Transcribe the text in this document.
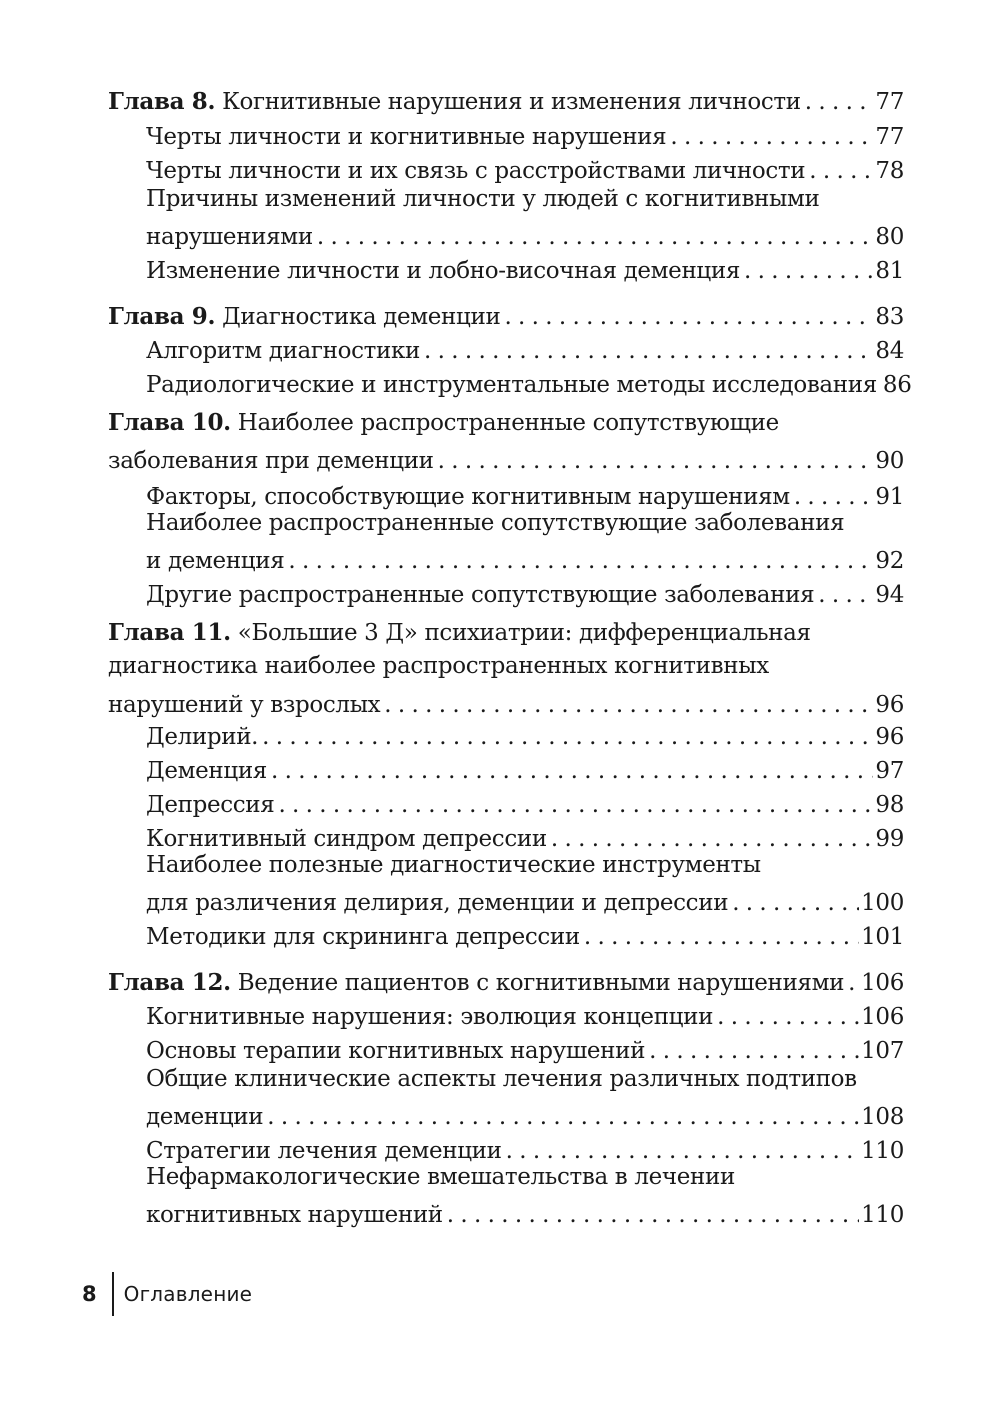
Глава 8. Когнитивные нарушения и изменения личности . . .	77
Черты личности и когнитивные нарушения . . .	77
Черты личности и их связь с расстройствами личности . . .	78
Причины изменений личности у людей с когнитивными
нарушениями . . .	80
Изменение личности и лобно-височная деменция . . .	81
Глава 9. Диагностика деменции . . .	83
Алгоритм диагностики . . .	84
Радиологические и инструментальные методы исследования 86
Глава 10. Наиболее распространенные сопутствующие
заболевания при деменции . . .	90
Факторы, способствующие когнитивным нарушениям . . .	91
Наиболее распространенные сопутствующие заболевания
и деменция . . .	92
Другие распространенные сопутствующие заболевания . . .	94
Глава 11. «Большие 3 Д» психиатрии: дифференциальная
диагностика наиболее распространенных когнитивных
нарушений у взрослых . . .	96
Делирий. . . .	96
Деменция . . .	97
Депрессия . . .	98
Когнитивный синдром депрессии . . .	99
Наиболее полезные диагностические инструменты
для различения делирия, деменции и депрессии . . .	100
Методики для скрининга депрессии . . .	101
Глава 12. Ведение пациентов с когнитивными нарушениями . . . 106
Когнитивные нарушения: эволюция концепции . . .	106
Основы терапии когнитивных нарушений . . .	107
Общие клинические аспекты лечения различных подтипов
деменции . . .	108
Стратегии лечения деменции . . .	110
Нефармакологические вмешательства в лечении
когнитивных нарушений . . .	110
8 Оглавление
